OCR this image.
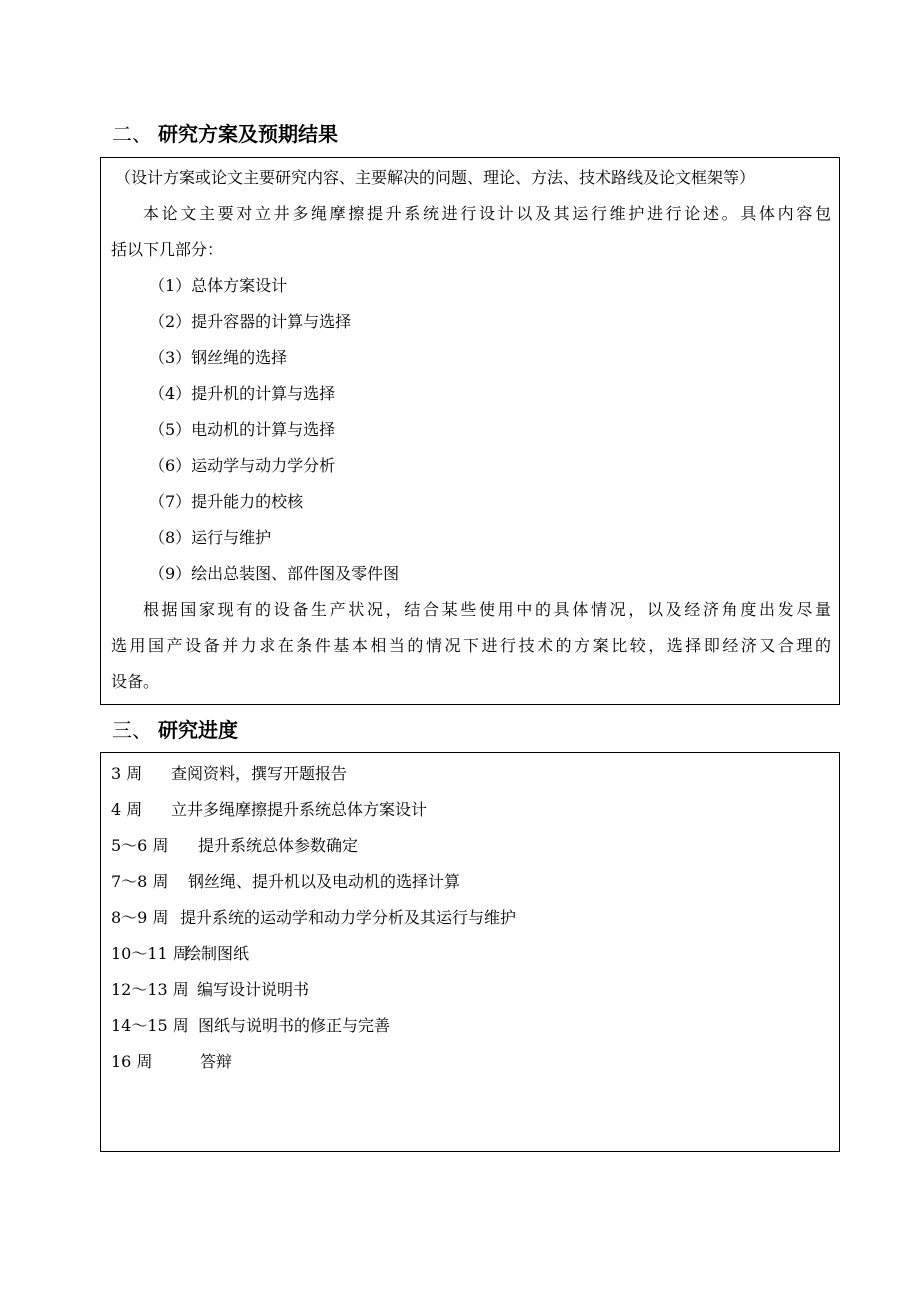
二、 研究方案及预期结果
（设计方案或论文主要研究内容、主要解决的问题、理论、方法、技术路线及论文框架等）
本论文主要对立井多绳摩擦提升系统进行设计以及其运行维护进行论述。具体内容包
括以下几部分：
（1）总体方案设计
（2）提升容器的计算与选择
（3）钢丝绳的选择
（4）提升机的计算与选择
（5）电动机的计算与选择
（6）运动学与动力学分析
（7）提升能力的校核
（8）运行与维护
（9）绘出总装图、部件图及零件图
根据国家现有的设备生产状况，结合某些使用中的具体情况，以及经济角度出发尽量
选用国产设备并力求在条件基本相当的情况下进行技术的方案比较，选择即经济又合理的
设备。
三、 研究进度
3 周 查阅资料，撰写开题报告
4 周 立井多绳摩擦提升系统总体方案设计
5～6 周 提升系统总体参数确定
7～8 周 钢丝绳、提升机以及电动机的选择计算
8～9 周 提升系统的运动学和动力学分析及其运行与维护
10～11 周
绘制图纸
12～13 周 编写设计说明书
14～15 周 图纸与说明书的修正与完善
16 周	答辩
